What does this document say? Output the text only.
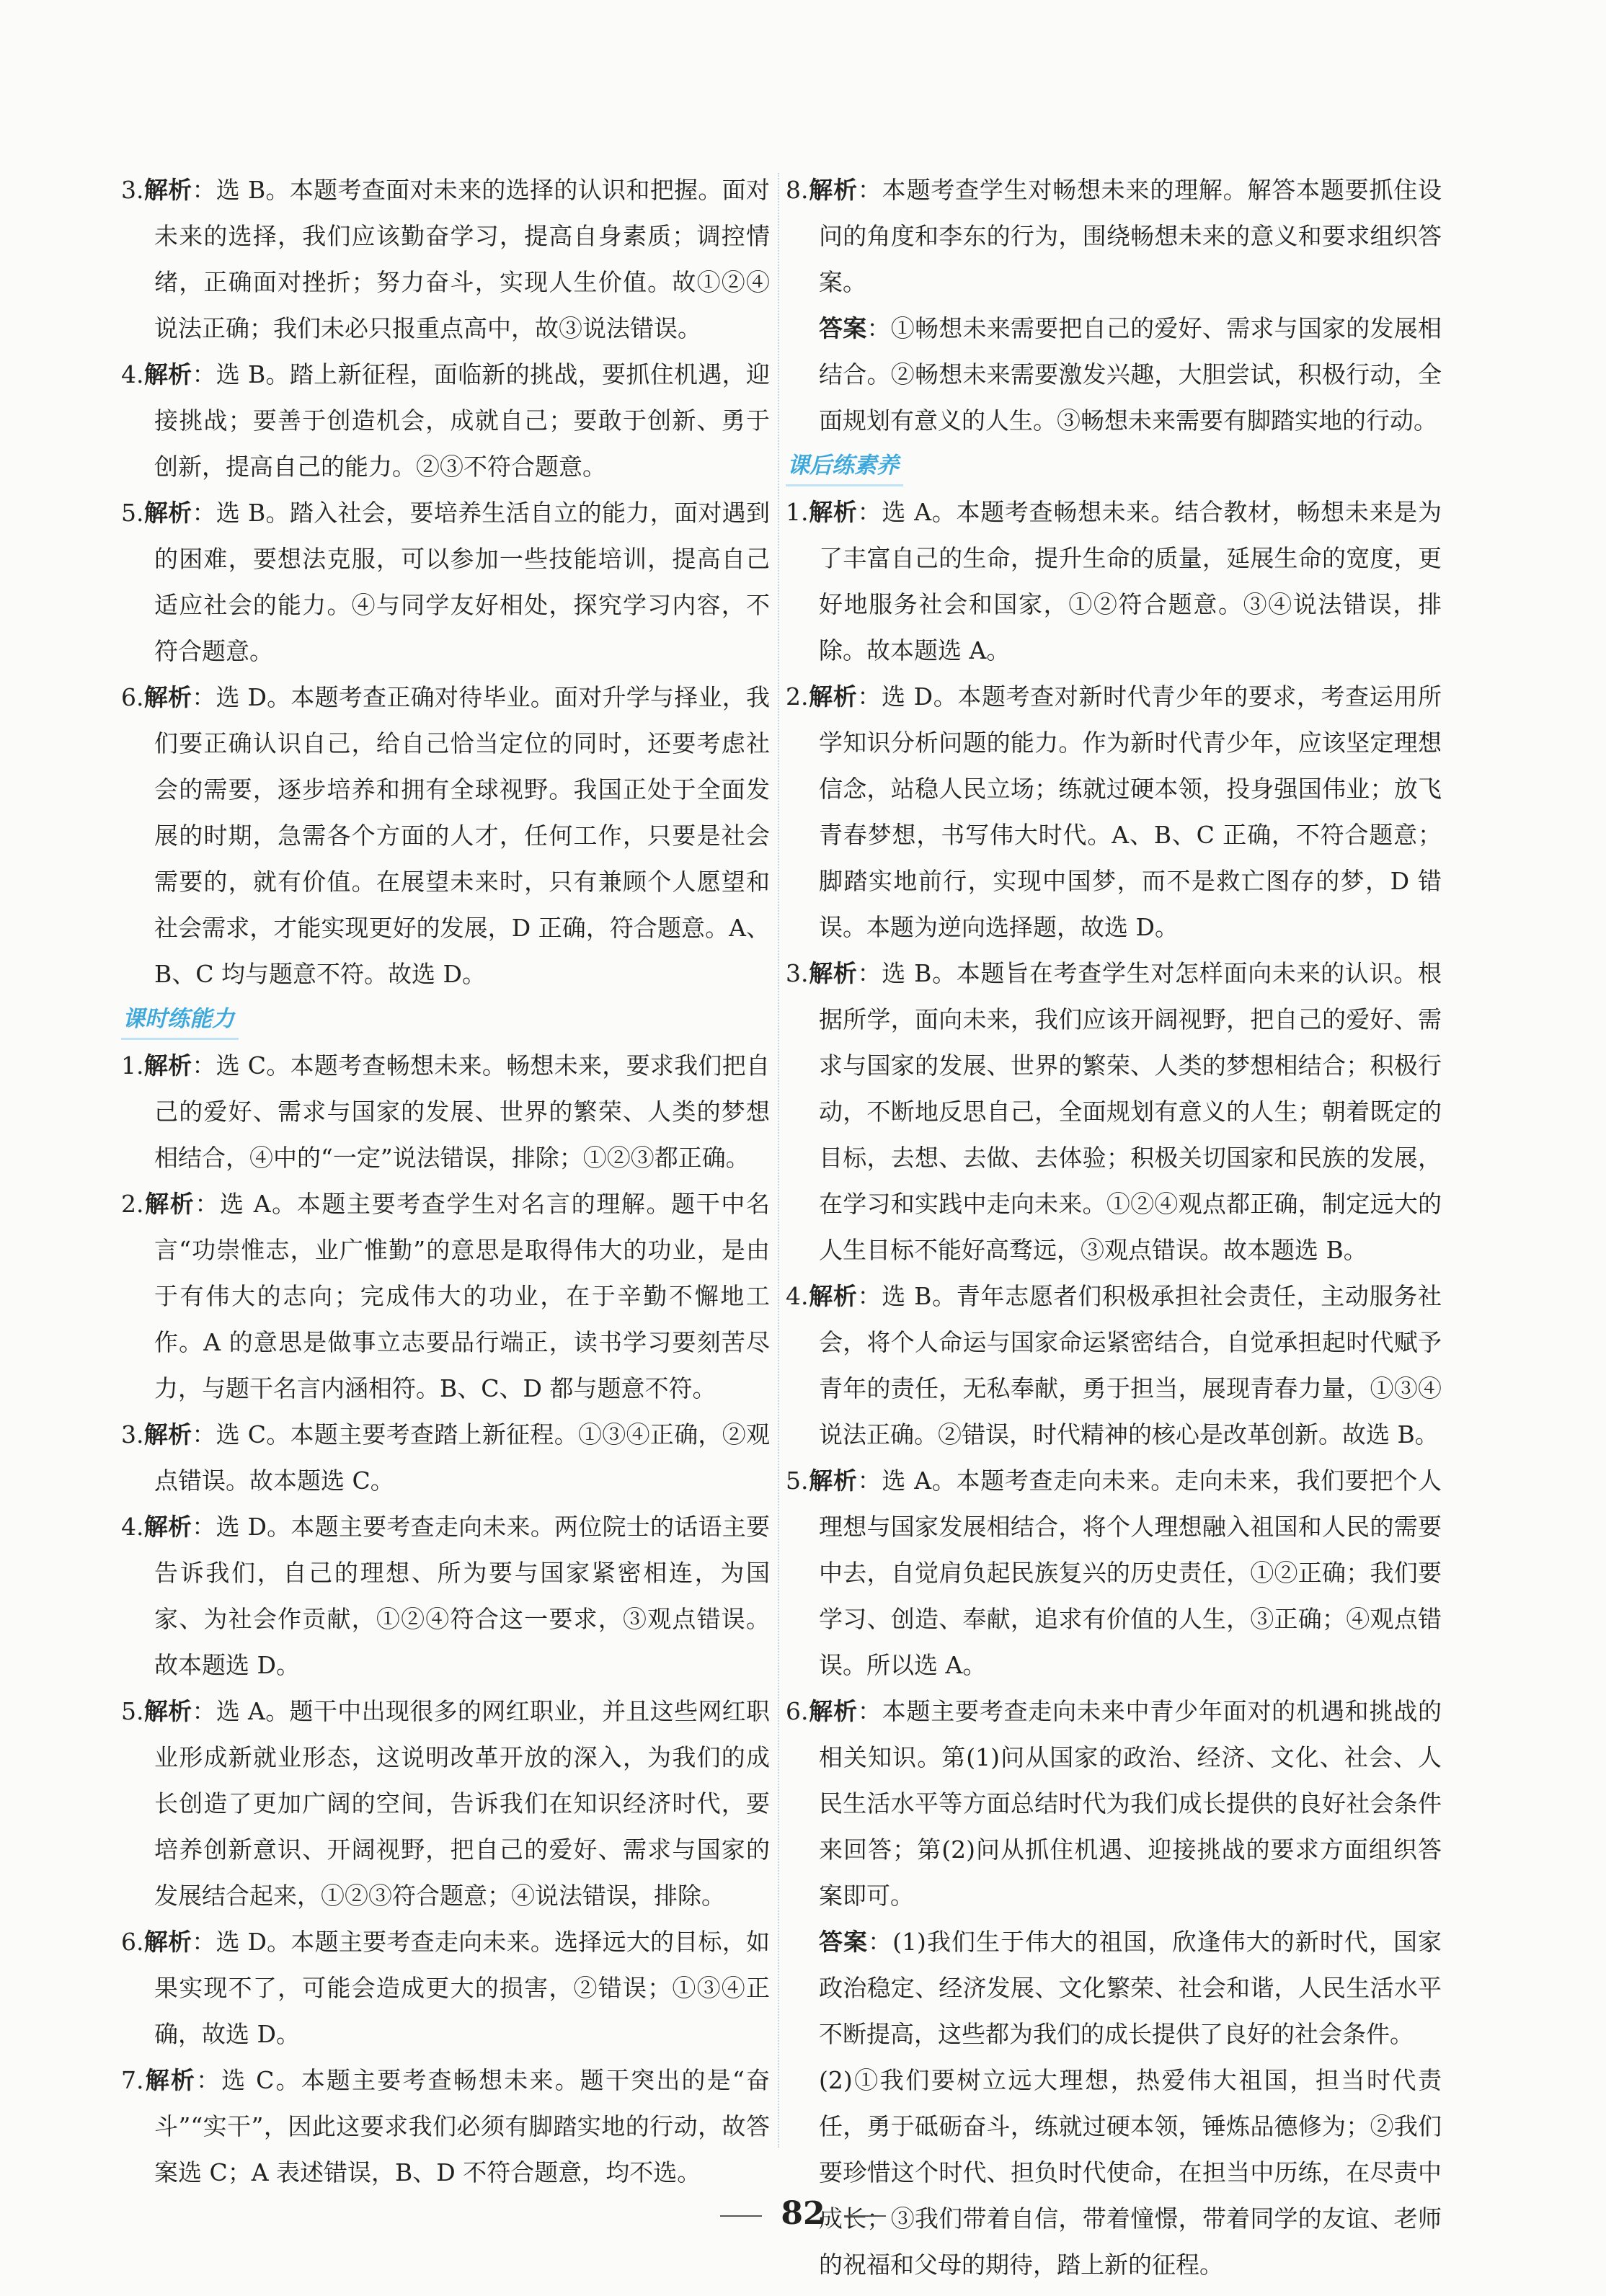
3.解析：选 B。本题考查面对未来的选择的认识和把握。面对未来的选择，我们应该勤奋学习，提高自身素质；调控情绪，正确面对挫折；努力奋斗，实现人生价值。故①②④说法正确；我们未必只报重点高中，故③说法错误。

4.解析：选 B。踏上新征程，面临新的挑战，要抓住机遇，迎接挑战；要善于创造机会，成就自己；要敢于创新、勇于创新，提高自己的能力。②③不符合题意。

5.解析：选 B。踏入社会，要培养生活自立的能力，面对遇到的困难，要想法克服，可以参加一些技能培训，提高自己适应社会的能力。④与同学友好相处，探究学习内容，不符合题意。

6.解析：选 D。本题考查正确对待毕业。面对升学与择业，我们要正确认识自己，给自己恰当定位的同时，还要考虑社会的需要，逐步培养和拥有全球视野。我国正处于全面发展的时期，急需各个方面的人才，任何工作，只要是社会需要的，就有价值。在展望未来时，只有兼顾个人愿望和社会需求，才能实现更好的发展，D 正确，符合题意。A、B、C 均与题意不符。故选 D。

课时练能力

1.解析：选 C。本题考查畅想未来。畅想未来，要求我们把自己的爱好、需求与国家的发展、世界的繁荣、人类的梦想相结合，④中的“一定”说法错误，排除；①②③都正确。

2.解析：选 A。本题主要考查学生对名言的理解。题干中名言“功崇惟志，业广惟勤”的意思是取得伟大的功业，是由于有伟大的志向；完成伟大的功业，在于辛勤不懈地工作。A 的意思是做事立志要品行端正，读书学习要刻苦尽力，与题干名言内涵相符。B、C、D 都与题意不符。

3.解析：选 C。本题主要考查踏上新征程。①③④正确，②观点错误。故本题选 C。

4.解析：选 D。本题主要考查走向未来。两位院士的话语主要告诉我们，自己的理想、所为要与国家紧密相连，为国家、为社会作贡献，①②④符合这一要求，③观点错误。故本题选 D。

5.解析：选 A。题干中出现很多的网红职业，并且这些网红职业形成新就业形态，这说明改革开放的深入，为我们的成长创造了更加广阔的空间，告诉我们在知识经济时代，要培养创新意识、开阔视野，把自己的爱好、需求与国家的发展结合起来，①②③符合题意；④说法错误，排除。

6.解析：选 D。本题主要考查走向未来。选择远大的目标，如果实现不了，可能会造成更大的损害，②错误；①③④正确，故选 D。

7.解析：选 C。本题主要考查畅想未来。题干突出的是“奋斗”“实干”，因此这要求我们必须有脚踏实地的行动，故答案选 C；A 表述错误，B、D 不符合题意，均不选。

8.解析：本题考查学生对畅想未来的理解。解答本题要抓住设问的角度和李东的行为，围绕畅想未来的意义和要求组织答案。

答案：①畅想未来需要把自己的爱好、需求与国家的发展相结合。②畅想未来需要激发兴趣，大胆尝试，积极行动，全面规划有意义的人生。③畅想未来需要有脚踏实地的行动。

课后练素养

1.解析：选 A。本题考查畅想未来。结合教材，畅想未来是为了丰富自己的生命，提升生命的质量，延展生命的宽度，更好地服务社会和国家，①②符合题意。③④说法错误，排除。故本题选 A。

2.解析：选 D。本题考查对新时代青少年的要求，考查运用所学知识分析问题的能力。作为新时代青少年，应该坚定理想信念，站稳人民立场；练就过硬本领，投身强国伟业；放飞青春梦想，书写伟大时代。A、B、C 正确，不符合题意；脚踏实地前行，实现中国梦，而不是救亡图存的梦，D 错误。本题为逆向选择题，故选 D。

3.解析：选 B。本题旨在考查学生对怎样面向未来的认识。根据所学，面向未来，我们应该开阔视野，把自己的爱好、需求与国家的发展、世界的繁荣、人类的梦想相结合；积极行动，不断地反思自己，全面规划有意义的人生；朝着既定的目标，去想、去做、去体验；积极关切国家和民族的发展，在学习和实践中走向未来。①②④观点都正确，制定远大的人生目标不能好高骛远，③观点错误。故本题选 B。

4.解析：选 B。青年志愿者们积极承担社会责任，主动服务社会，将个人命运与国家命运紧密结合，自觉承担起时代赋予青年的责任，无私奉献，勇于担当，展现青春力量，①③④说法正确。②错误，时代精神的核心是改革创新。故选 B。

5.解析：选 A。本题考查走向未来。走向未来，我们要把个人理想与国家发展相结合，将个人理想融入祖国和人民的需要中去，自觉肩负起民族复兴的历史责任，①②正确；我们要学习、创造、奉献，追求有价值的人生，③正确；④观点错误。所以选 A。

6.解析：本题主要考查走向未来中青少年面对的机遇和挑战的相关知识。第(1)问从国家的政治、经济、文化、社会、人民生活水平等方面总结时代为我们成长提供的良好社会条件来回答；第(2)问从抓住机遇、迎接挑战的要求方面组织答案即可。

答案：(1)我们生于伟大的祖国，欣逢伟大的新时代，国家政治稳定、经济发展、文化繁荣、社会和谐，人民生活水平不断提高，这些都为我们的成长提供了良好的社会条件。

(2)①我们要树立远大理想，热爱伟大祖国，担当时代责任，勇于砥砺奋斗，练就过硬本领，锤炼品德修为；②我们要珍惜这个时代、担负时代使命，在担当中历练，在尽责中成长；③我们带着自信，带着憧憬，带着同学的友谊、老师的祝福和父母的期待，踏上新的征程。

82
